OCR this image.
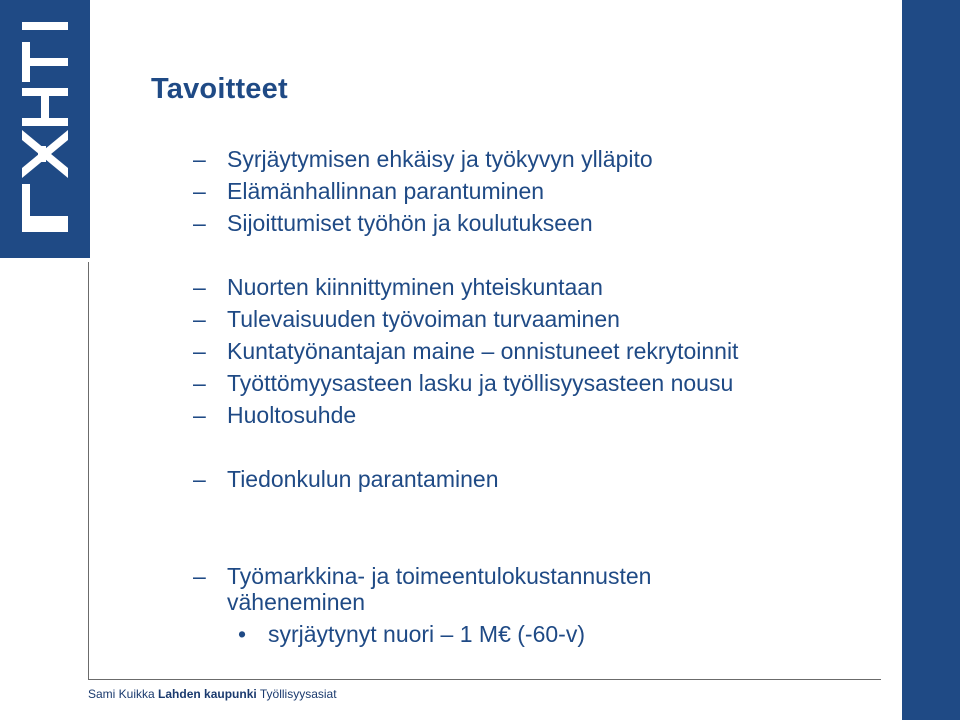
Tavoitteet

– Syrjäytymisen ehkäisy ja työkyvyn ylläpito

– Elämänhallinnan parantuminen

– Sijoittumiset työhön ja koulutukseen

– Nuorten kiinnittyminen yhteiskuntaan

– Tulevaisuuden työvoiman turvaaminen

– Kuntatyönantajan maine – onnistuneet rekrytoinnit

– Työttömyysasteen lasku ja työllisyysasteen nousu

– Huoltosuhde

– Tiedonkulun parantaminen

– Työmarkkina- ja toimeentulokustannusten vähenеminen

• syrjäytynyt nuori – 1 M€ (-60-v)

Sami Kuikka Lahden kaupunki Työllisyysasiat
